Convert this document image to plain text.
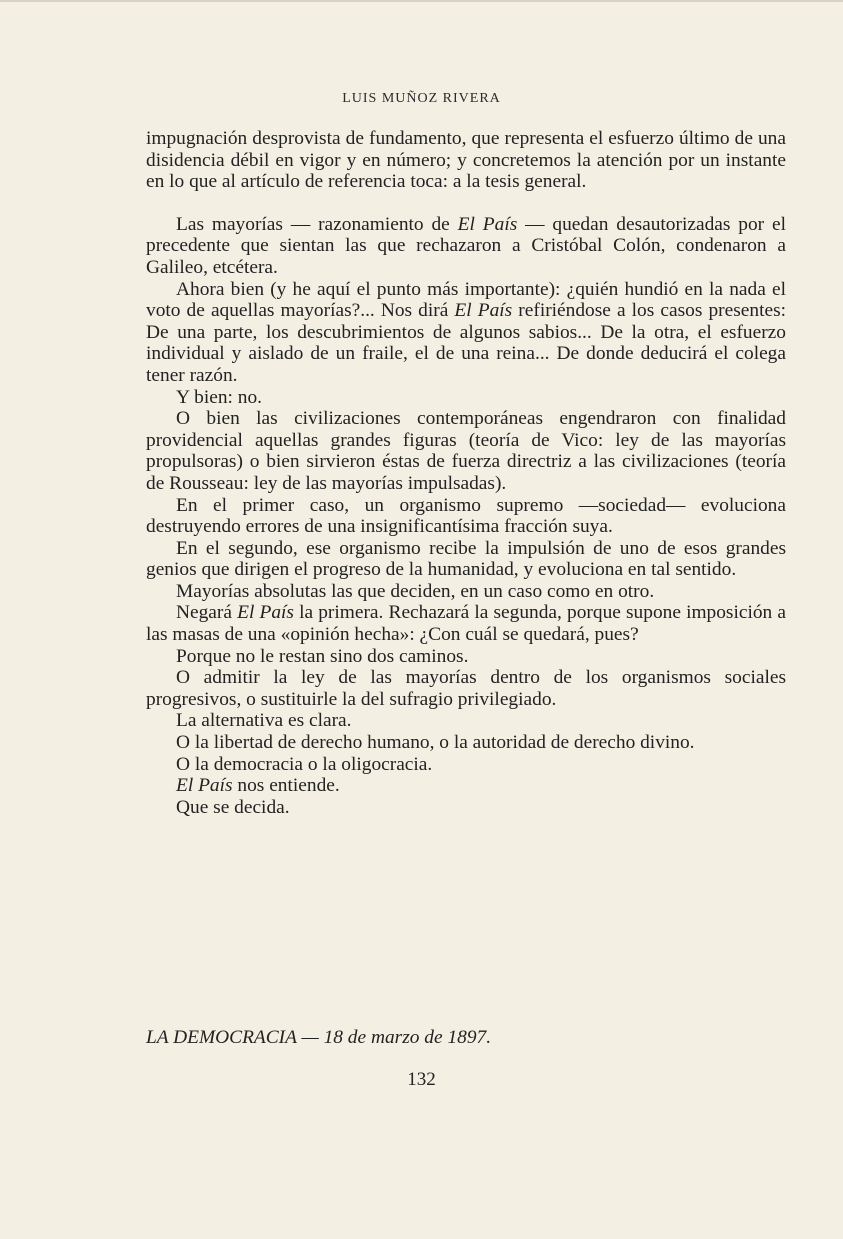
LUIS MUÑOZ RIVERA

impugnación desprovista de fundamento, que representa el esfuerzo último de una disidencia débil en vigor y en número; y concretemos la atención por un instante en lo que al artículo de referencia toca: a la tesis general.

Las mayorías — razonamiento de El País — quedan desautorizadas por el precedente que sientan las que rechazaron a Cristóbal Colón, condenaron a Galileo, etcétera.

Ahora bien (y he aquí el punto más importante): ¿quién hundió en la nada el voto de aquellas mayorías?... Nos dirá El País refiriéndose a los casos presentes: De una parte, los descubrimientos de algunos sabios... De la otra, el esfuerzo individual y aislado de un fraile, el de una reina... De donde deducirá el colega tener razón.

Y bien: no.

O bien las civilizaciones contemporáneas engendraron con finalidad providencial aquellas grandes figuras (teoría de Vico: ley de las mayorías propulsoras) o bien sirvieron éstas de fuerza directriz a las civilizaciones (teoría de Rousseau: ley de las mayorías impulsadas).

En el primer caso, un organismo supremo —sociedad— evoluciona destruyendo errores de una insignificantísima fracción suya.

En el segundo, ese organismo recibe la impulsión de uno de esos grandes genios que dirigen el progreso de la humanidad, y evoluciona en tal sentido.

Mayorías absolutas las que deciden, en un caso como en otro.

Negará El País la primera. Rechazará la segunda, porque supone imposición a las masas de una «opinión hecha»: ¿Con cuál se quedará, pues?

Porque no le restan sino dos caminos.

O admitir la ley de las mayorías dentro de los organismos sociales progresivos, o sustituirle la del sufragio privilegiado.

La alternativa es clara.

O la libertad de derecho humano, o la autoridad de derecho divino.

O la democracia o la oligocracia.

El País nos entiende.

Que se decida.

LA DEMOCRACIA — 18 de marzo de 1897.
132
